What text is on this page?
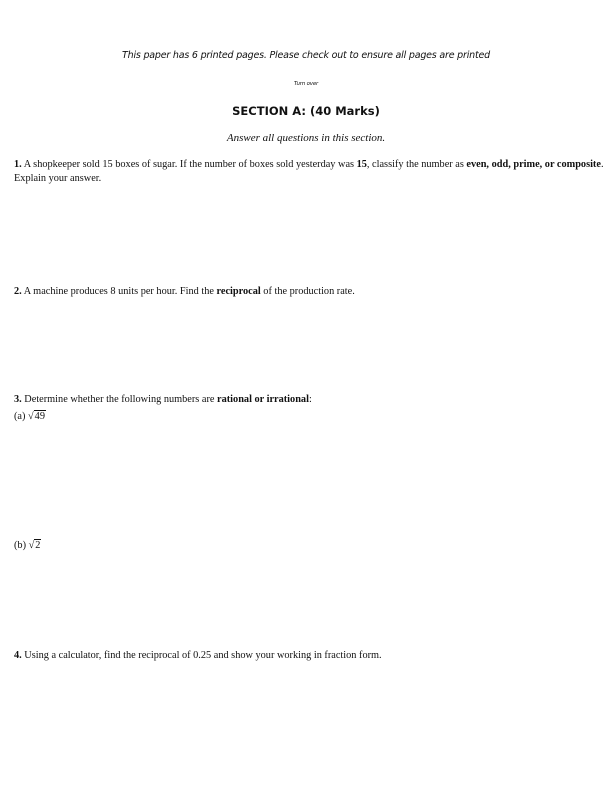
This paper has 6 printed pages. Please check out to ensure all pages are printed
Turn over
SECTION A: (40 Marks)
Answer all questions in this section.
1. A shopkeeper sold 15 boxes of sugar. If the number of boxes sold yesterday was 15, classify the number as even, odd, prime, or composite. Explain your answer.
2. A machine produces 8 units per hour. Find the reciprocal of the production rate.
3. Determine whether the following numbers are rational or irrational:
(a) √49
(b) √2
4. Using a calculator, find the reciprocal of 0.25 and show your working in fraction form.
